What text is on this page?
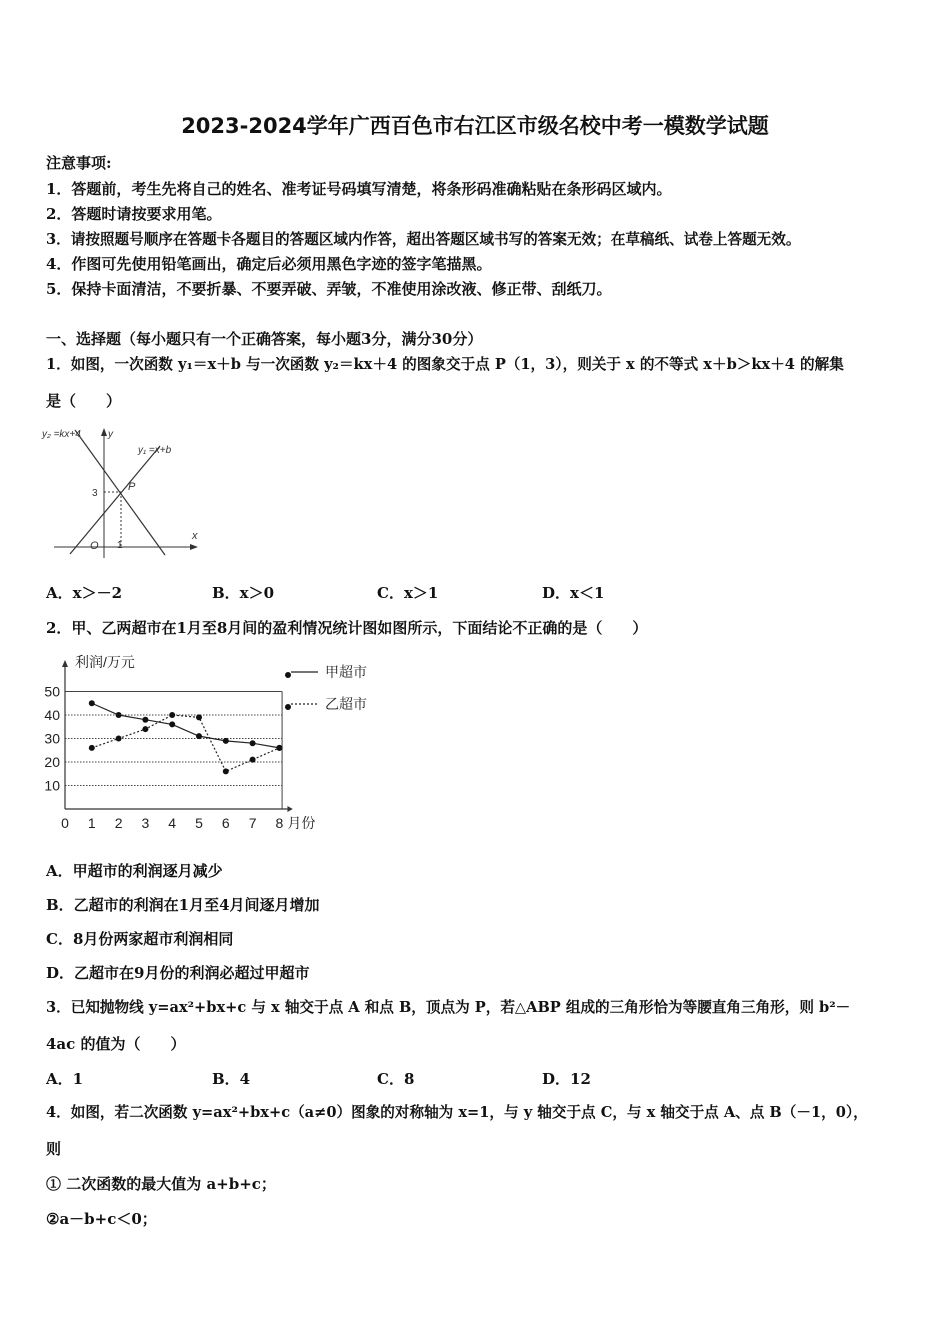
2023-2024学年广西百色市右江区市级名校中考一模数学试题
注意事项:
1．答题前，考生先将自己的姓名、准考证号码填写清楚，将条形码准确粘贴在条形码区域内。
2．答题时请按要求用笔。
3．请按照题号顺序在答题卡各题目的答题区域内作答，超出答题区域书写的答案无效；在草稿纸、试卷上答题无效。
4．作图可先使用铅笔画出，确定后必须用黑色字迹的签字笔描黑。
5．保持卡面清洁，不要折暴、不要弄破、弄皱，不准使用涂改液、修正带、刮纸刀。
一、选择题（每小题只有一个正确答案，每小题3分，满分30分）
1．如图，一次函数 y₁＝x＋b 与一次函数 y₂＝kx＋4 的图象交于点 P（1，3），则关于 x 的不等式 x＋b＞kx＋4 的解集
是（　　）
y₂ =kx+4	y
y₁ =x+b
P
3
O 1
x
A．x＞－2	B．x＞0	C．x＞1	D．x＜1
2．甲、乙两超市在1月至8月间的盈利情况统计图如图所示，下面结论不正确的是（　　）
10
20
30
40
50
0 1 2 3 4 5 6 7 8
利润/万元
月份
甲超市
乙超市
A．甲超市的利润逐月减少
B．乙超市的利润在1月至4月间逐月增加
C．8月份两家超市利润相同
D．乙超市在9月份的利润必超过甲超市
3．已知抛物线 y=ax²+bx+c 与 x 轴交于点 A 和点 B，顶点为 P，若△ABP 组成的三角形恰为等腰直角三角形，则 b²－
4ac 的值为（　　）
A．1	B．4	C．8	D．12
4．如图，若二次函数 y=ax²+bx+c（a≠0）图象的对称轴为 x=1，与 y 轴交于点 C，与 x 轴交于点 A、点 B（－1，0），
则
① 二次函数的最大值为 a+b+c；
②a－b+c＜0；
